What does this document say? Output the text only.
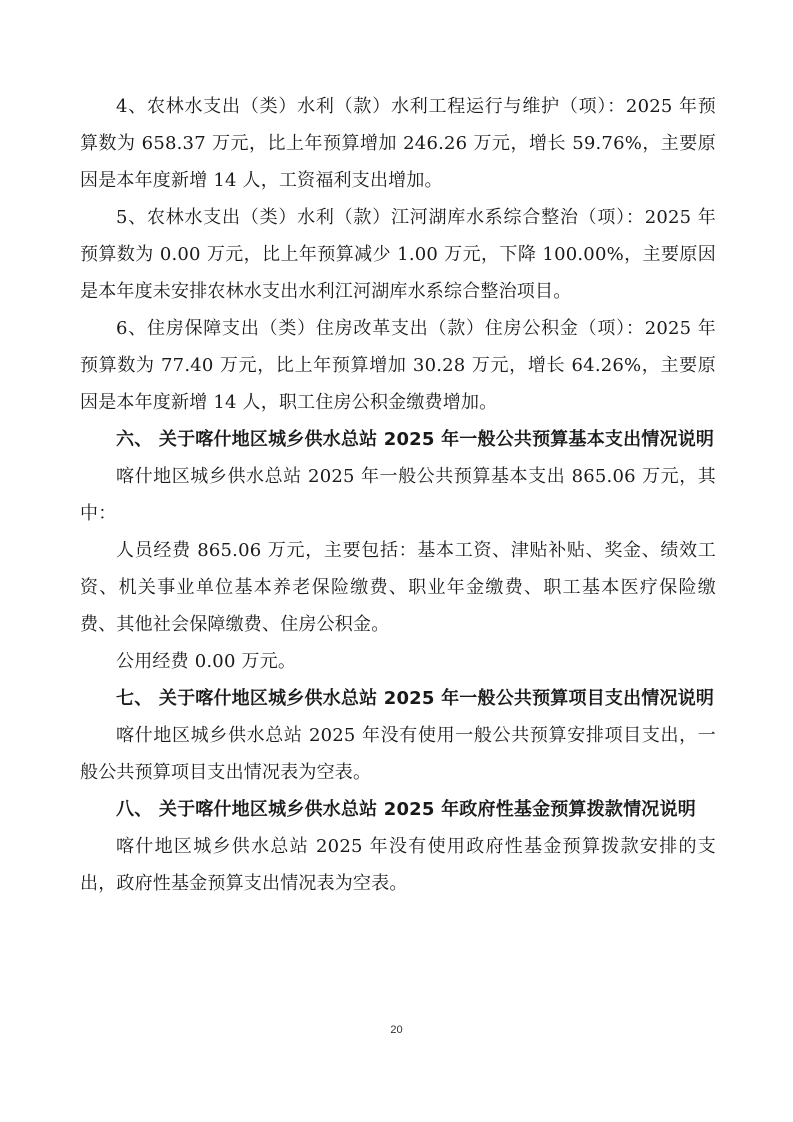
4、农林水支出（类）水利（款）水利工程运行与维护（项）：2025 年预算数为 658.37 万元，比上年预算增加 246.26 万元，增长 59.76%，主要原因是本年度新增 14 人，工资福利支出增加。

5、农林水支出（类）水利（款）江河湖库水系综合整治（项）：2025 年预算数为 0.00 万元，比上年预算减少 1.00 万元，下降 100.00%，主要原因是本年度未安排农林水支出水利江河湖库水系综合整治项目。

6、住房保障支出（类）住房改革支出（款）住房公积金（项）：2025 年预算数为 77.40 万元，比上年预算增加 30.28 万元，增长 64.26%，主要原因是本年度新增 14 人，职工住房公积金缴费增加。

六、 关于喀什地区城乡供水总站 2025 年一般公共预算基本支出情况说明

喀什地区城乡供水总站 2025 年一般公共预算基本支出 865.06 万元，其中：

人员经费 865.06 万元，主要包括：基本工资、津贴补贴、奖金、绩效工资、机关事业单位基本养老保险缴费、职业年金缴费、职工基本医疗保险缴费、其他社会保障缴费、住房公积金。

公用经费 0.00 万元。

七、 关于喀什地区城乡供水总站 2025 年一般公共预算项目支出情况说明

喀什地区城乡供水总站 2025 年没有使用一般公共预算安排项目支出，一般公共预算项目支出情况表为空表。

八、 关于喀什地区城乡供水总站 2025 年政府性基金预算拨款情况说明

喀什地区城乡供水总站 2025 年没有使用政府性基金预算拨款安排的支出，政府性基金预算支出情况表为空表。

20
